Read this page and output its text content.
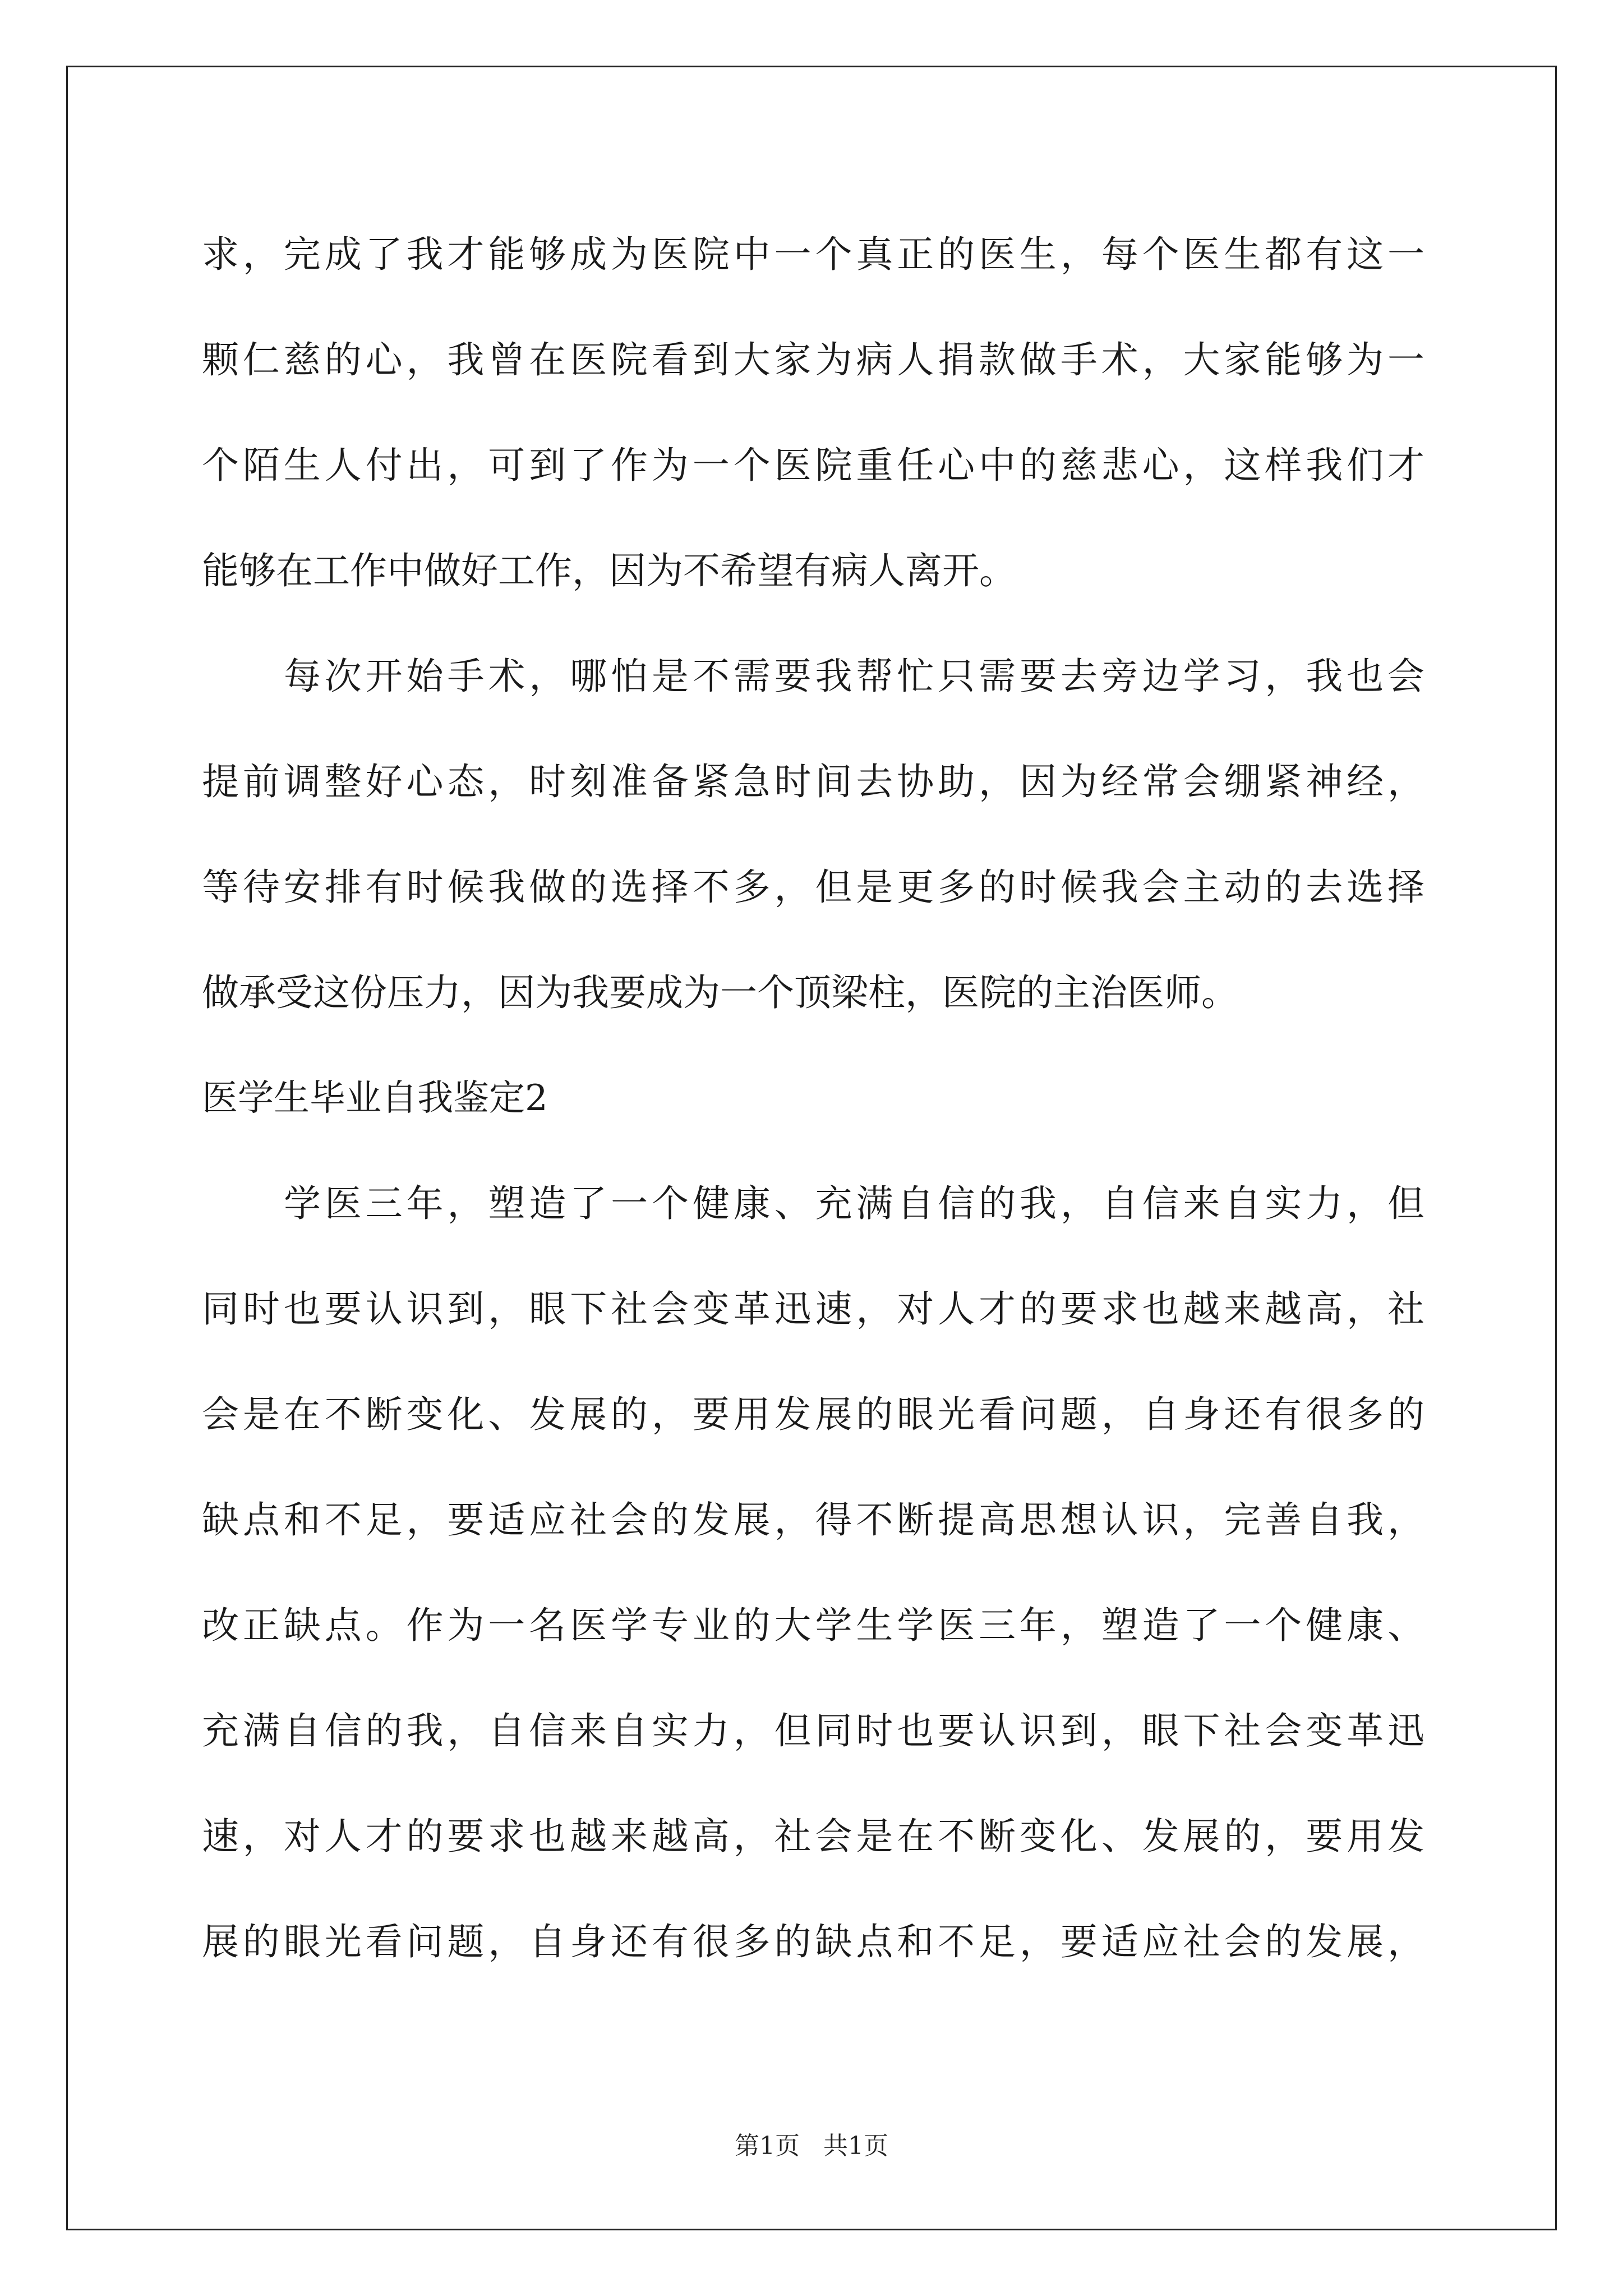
求，完成了我才能够成为医院中一个真正的医生，每个医生都有这一
颗仁慈的心，我曾在医院看到大家为病人捐款做手术，大家能够为一
个陌生人付出，可到了作为一个医院重任心中的慈悲心，这样我们才
能够在工作中做好工作，因为不希望有病人离开。
每次开始手术，哪怕是不需要我帮忙只需要去旁边学习，我也会
提前调整好心态，时刻准备紧急时间去协助，因为经常会绷紧神经，
等待安排有时候我做的选择不多，但是更多的时候我会主动的去选择
做承受这份压力，因为我要成为一个顶梁柱，医院的主治医师。
医学生毕业自我鉴定2
学医三年，塑造了一个健康、充满自信的我，自信来自实力，但
同时也要认识到，眼下社会变革迅速，对人才的要求也越来越高，社
会是在不断变化、发展的，要用发展的眼光看问题，自身还有很多的
缺点和不足，要适应社会的发展，得不断提高思想认识，完善自我，
改正缺点。作为一名医学专业的大学生学医三年，塑造了一个健康、
充满自信的我，自信来自实力，但同时也要认识到，眼下社会变革迅
速，对人才的要求也越来越高，社会是在不断变化、发展的，要用发
展的眼光看问题，自身还有很多的缺点和不足，要适应社会的发展，
第1页   共1页
